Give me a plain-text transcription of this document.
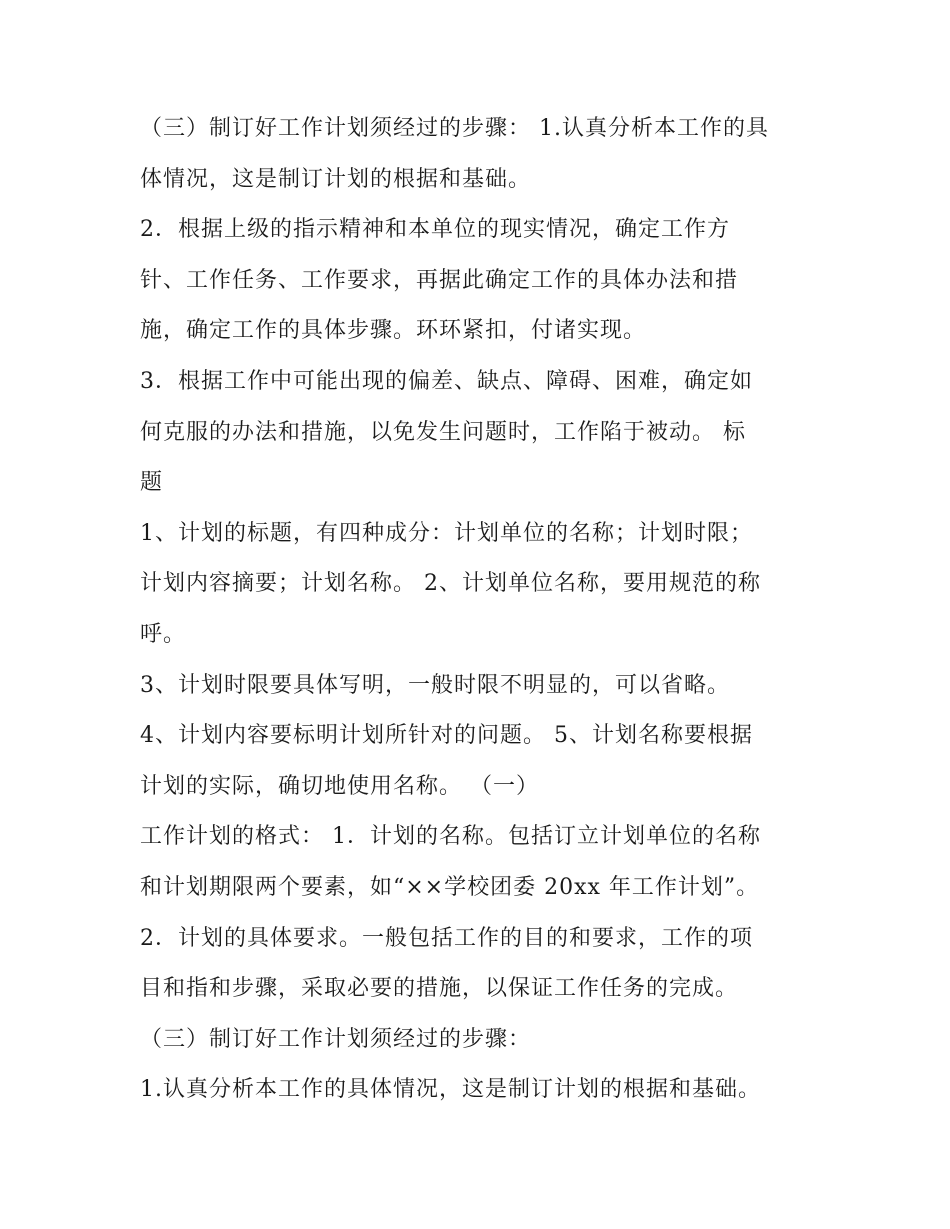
（三）制订好工作计划须经过的步骤： 1.认真分析本工作的具
体情况，这是制订计划的根据和基础。
2．根据上级的指示精神和本单位的现实情况，确定工作方
针、工作任务、工作要求，再据此确定工作的具体办法和措
施，确定工作的具体步骤。环环紧扣，付诸实现。
3．根据工作中可能出现的偏差、缺点、障碍、困难，确定如
何克服的办法和措施，以免发生问题时，工作陷于被动。 标
题
1、计划的标题，有四种成分：计划单位的名称；计划时限；
计划内容摘要；计划名称。 2、计划单位名称，要用规范的称
呼。
3、计划时限要具体写明，一般时限不明显的，可以省略。
4、计划内容要标明计划所针对的问题。 5、计划名称要根据
计划的实际，确切地使用名称。 （一）
工作计划的格式： 1．计划的名称。包括订立计划单位的名称
和计划期限两个要素，如“××学校团委 20xx 年工作计划”。
2．计划的具体要求。一般包括工作的目的和要求，工作的项
目和指和步骤，采取必要的措施，以保证工作任务的完成。
（三）制订好工作计划须经过的步骤：
1.认真分析本工作的具体情况，这是制订计划的根据和基础。
